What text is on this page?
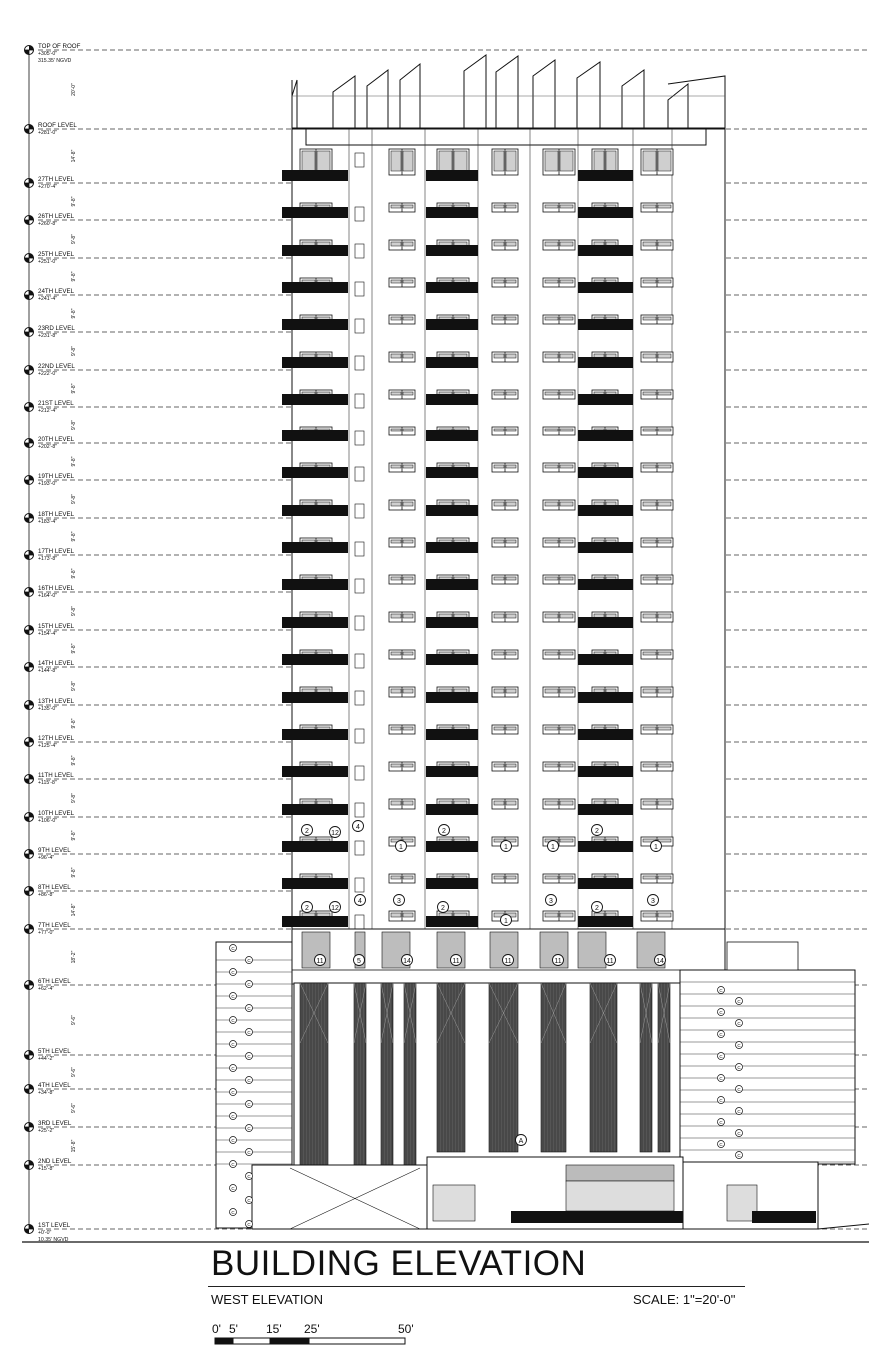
TOP OF ROOF
+305'-0"
315.35' NGVD
ROOF LEVEL
+281'-0"
27TH LEVEL
+270'-4"
26TH LEVEL
+260'-8"
25TH LEVEL
+251'-0"
24TH LEVEL
+241'-4"
23RD LEVEL
+231'-8"
22ND LEVEL
+222'-0"
21ST LEVEL
+212'-4"
20TH LEVEL
+202'-8"
19TH LEVEL
+193'-0"
18TH LEVEL
+183'-4"
17TH LEVEL
+173'-8"
16TH LEVEL
+164'-0"
15TH LEVEL
+154'-4"
14TH LEVEL
+144'-8"
13TH LEVEL
+135'-0"
12TH LEVEL
+125'-4"
11TH LEVEL
+115'-8"
10TH LEVEL
+106'-0"
9TH LEVEL
+96'-4"
8TH LEVEL
+86'-8"
7TH LEVEL
+77'-0"
6TH LEVEL
+62'-4"
5TH LEVEL
+44'-2"
4TH LEVEL
+34'-8"
3RD LEVEL
+25'-2"
2ND LEVEL
+15'-8"
1ST LEVEL
+0'-0"
10.35' NGVD
20'-0"
14'-8"
9'-8"
9'-8"
9'-8"
9'-8"
9'-8"
9'-8"
9'-8"
9'-8"
9'-8"
9'-8"
9'-8"
9'-8"
9'-8"
9'-8"
9'-8"
9'-8"
9'-8"
9'-8"
9'-8"
14'-8"
18'-2"
9'-6"
9'-6"
9'-6"
15'-8"
2	12
4
1
2
1	1
2
1
2	12
4	3
2
1
3
2
3
11	5	14	11	11	11	11	14
A
C
C
C
C
C
C
C
C
C
C
C
C
C
C
C
C
C
C
C
C
C
C
C
C
C
C
C
C
C
C
C
C
C
C
C
C
C
C
C
C
BUILDING ELEVATION
WEST ELEVATION	SCALE: 1"=20'-0"
0' 5' 15' 25'	50'
